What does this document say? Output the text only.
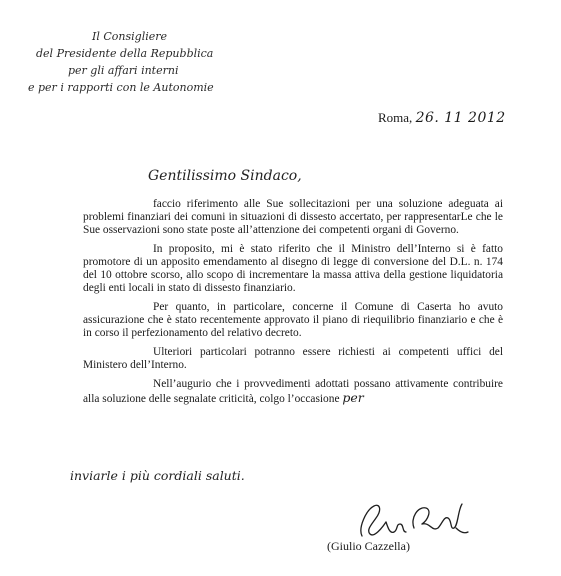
Il Consigliere
del Presidente della Repubblica
per gli affari interni
e per i rapporti con le Autonomie
Roma, 26. 11 2012
Gentilissimo Sindaco,

faccio riferimento alle Sue sollecitazioni per una soluzione adeguata ai problemi finanziari dei comuni in situazioni di dissesto accertato, per rappresentarLe che le Sue osservazioni sono state poste all’attenzione dei competenti organi di Governo.

In proposito, mi è stato riferito che il Ministro dell’Interno si è fatto promotore di un apposito emendamento al disegno di legge di conversione del D.L. n. 174 del 10 ottobre scorso, allo scopo di incrementare la massa attiva della gestione liquidatoria degli enti locali in stato di dissesto finanziario.

Per quanto, in particolare, concerne il Comune di Caserta ho avuto assicurazione che è stato recentemente approvato il piano di riequilibrio finanziario e che è in corso il perfezionamento del relativo decreto.

Ulteriori particolari potranno essere richiesti ai competenti uffici del Ministero dell’Interno.

Nell’augurio che i provvedimenti adottati possano attivamente contribuire alla soluzione delle segnalate criticità, colgo l’occasione per

inviarle i più cordiali saluti.
(Giulio Cazzella)
